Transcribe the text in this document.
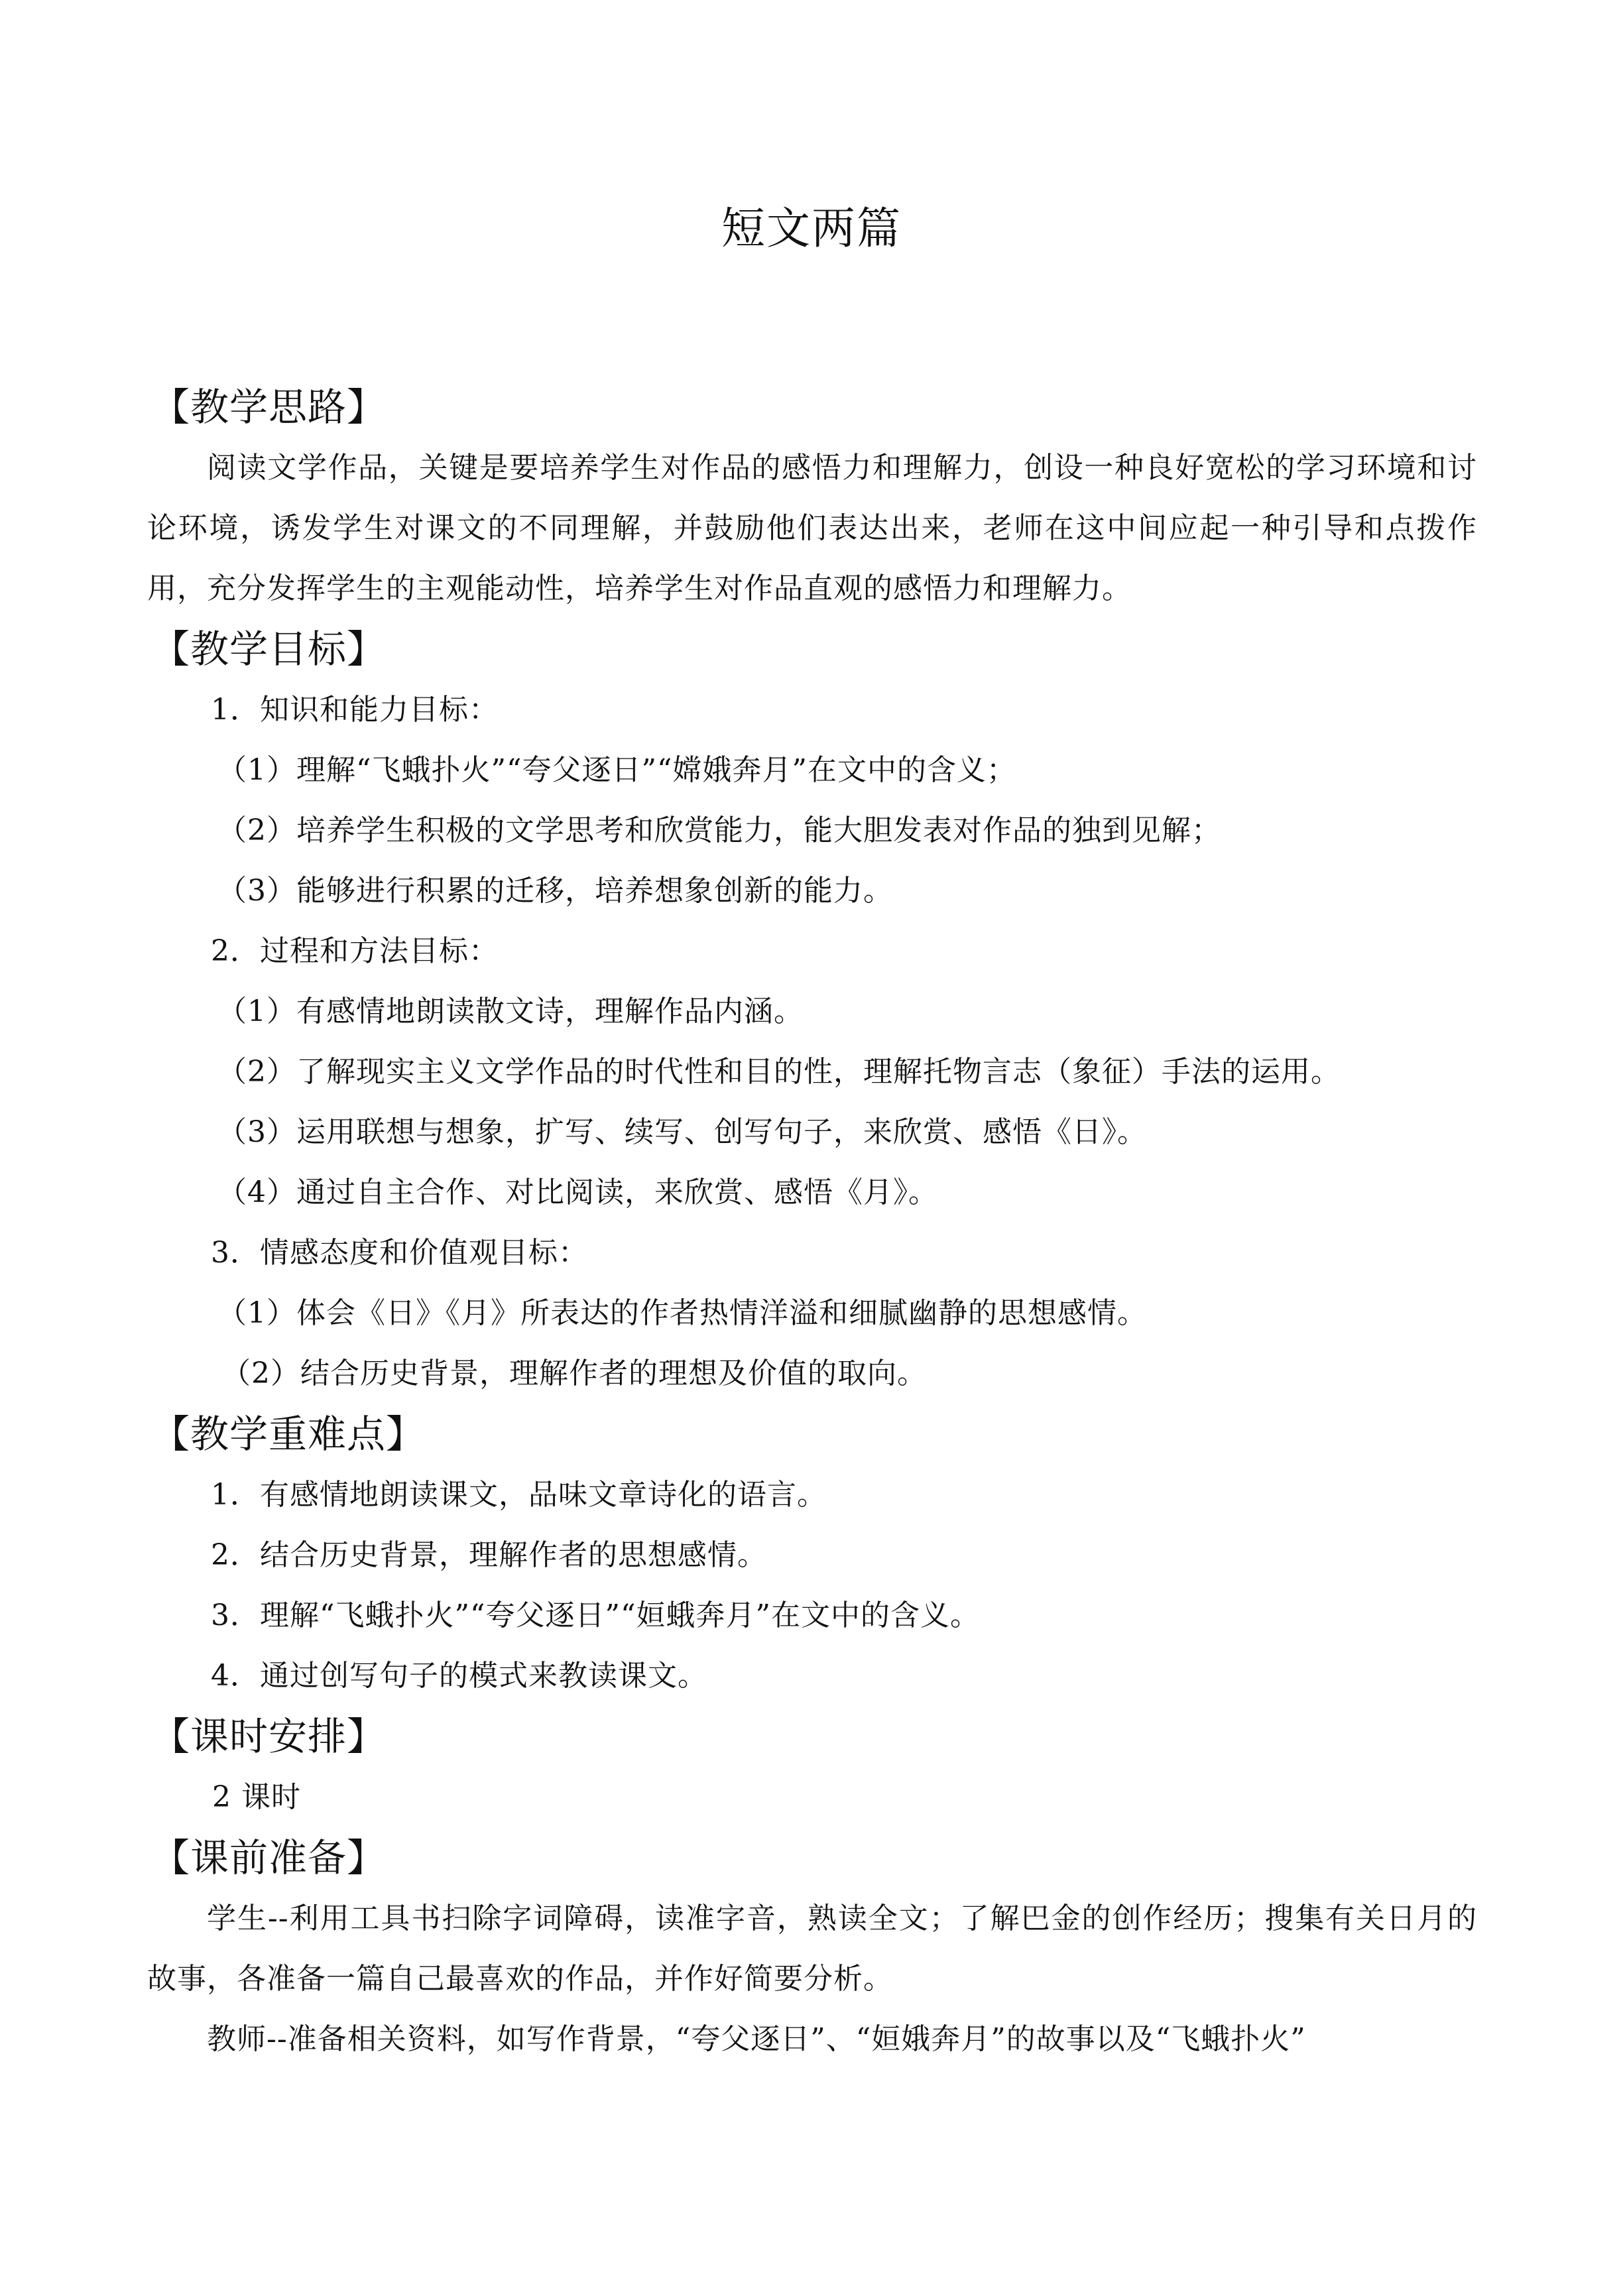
短文两篇
【教学思路】

阅读文学作品，关键是要培养学生对作品的感悟力和理解力，创设一种良好宽松的学习环境和讨论环境，诱发学生对课文的不同理解，并鼓励他们表达出来，老师在这中间应起一种引导和点拨作用，充分发挥学生的主观能动性，培养学生对作品直观的感悟力和理解力。

【教学目标】
1．知识和能力目标：
（1）理解“飞蛾扑火”“夸父逐日”“嫦娥奔月”在文中的含义；
（2）培养学生积极的文学思考和欣赏能力，能大胆发表对作品的独到见解；
（3）能够进行积累的迁移，培养想象创新的能力。
2．过程和方法目标：
（1）有感情地朗读散文诗，理解作品内涵。
（2）了解现实主义文学作品的时代性和目的性，理解托物言志（象征）手法的运用。
（3）运用联想与想象，扩写、续写、创写句子，来欣赏、感悟《日》。
（4）通过自主合作、对比阅读，来欣赏、感悟《月》。
3．情感态度和价值观目标：
（1）体会《日》《月》所表达的作者热情洋溢和细腻幽静的思想感情。
（2）结合历史背景，理解作者的理想及价值的取向。
【教学重难点】
1．有感情地朗读课文，品味文章诗化的语言。
2．结合历史背景，理解作者的思想感情。
3．理解“飞蛾扑火”“夸父逐日”“姮蛾奔月”在文中的含义。
4．通过创写句子的模式来教读课文。
【课时安排】
2 课时
【课前准备】

学生--利用工具书扫除字词障碍，读准字音，熟读全文；了解巴金的创作经历；搜集有关日月的故事，各准备一篇自己最喜欢的作品，并作好简要分析。

教师--准备相关资料，如写作背景，“夸父逐日”、“姮娥奔月”的故事以及“飞蛾扑火”
